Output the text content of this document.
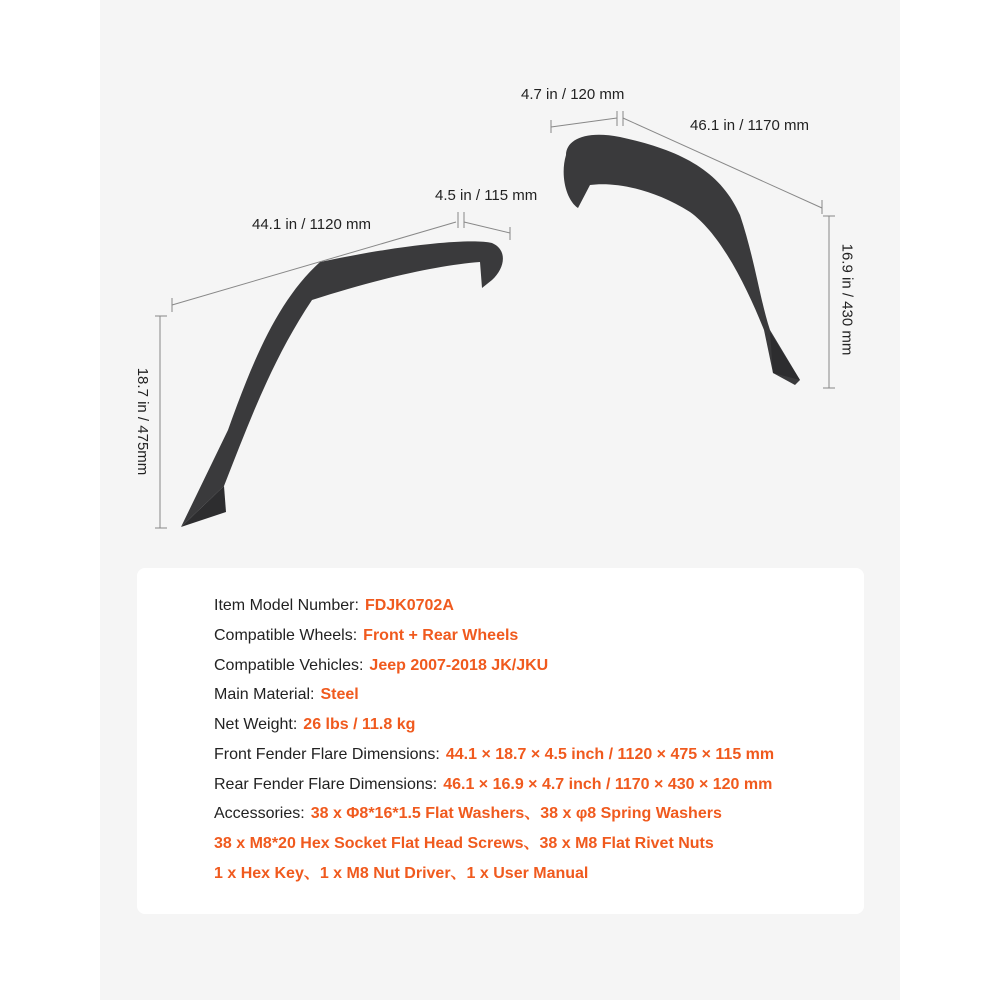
4.7 in / 120 mm
46.1 in / 1170 mm
4.5 in / 115 mm
44.1 in / 1120 mm
16.9 in / 430 mm
18.7 in / 475mm
Item Model Number: FDJK0702A
Compatible Wheels: Front + Rear Wheels
Compatible Vehicles: Jeep 2007-2018 JK/JKU
Main Material: Steel
Net Weight: 26 lbs / 11.8 kg
Front Fender Flare Dimensions: 44.1 × 18.7 × 4.5 inch / 1120 × 475 × 115 mm
Rear Fender Flare Dimensions: 46.1 × 16.9 × 4.7 inch / 1170 × 430 × 120 mm
Accessories: 38 x Φ8*16*1.5 Flat Washers、38 x φ8 Spring Washers
38 x M8*20 Hex Socket Flat Head Screws、38 x M8 Flat Rivet Nuts
1 x Hex Key、1 x M8 Nut Driver、1 x User Manual
